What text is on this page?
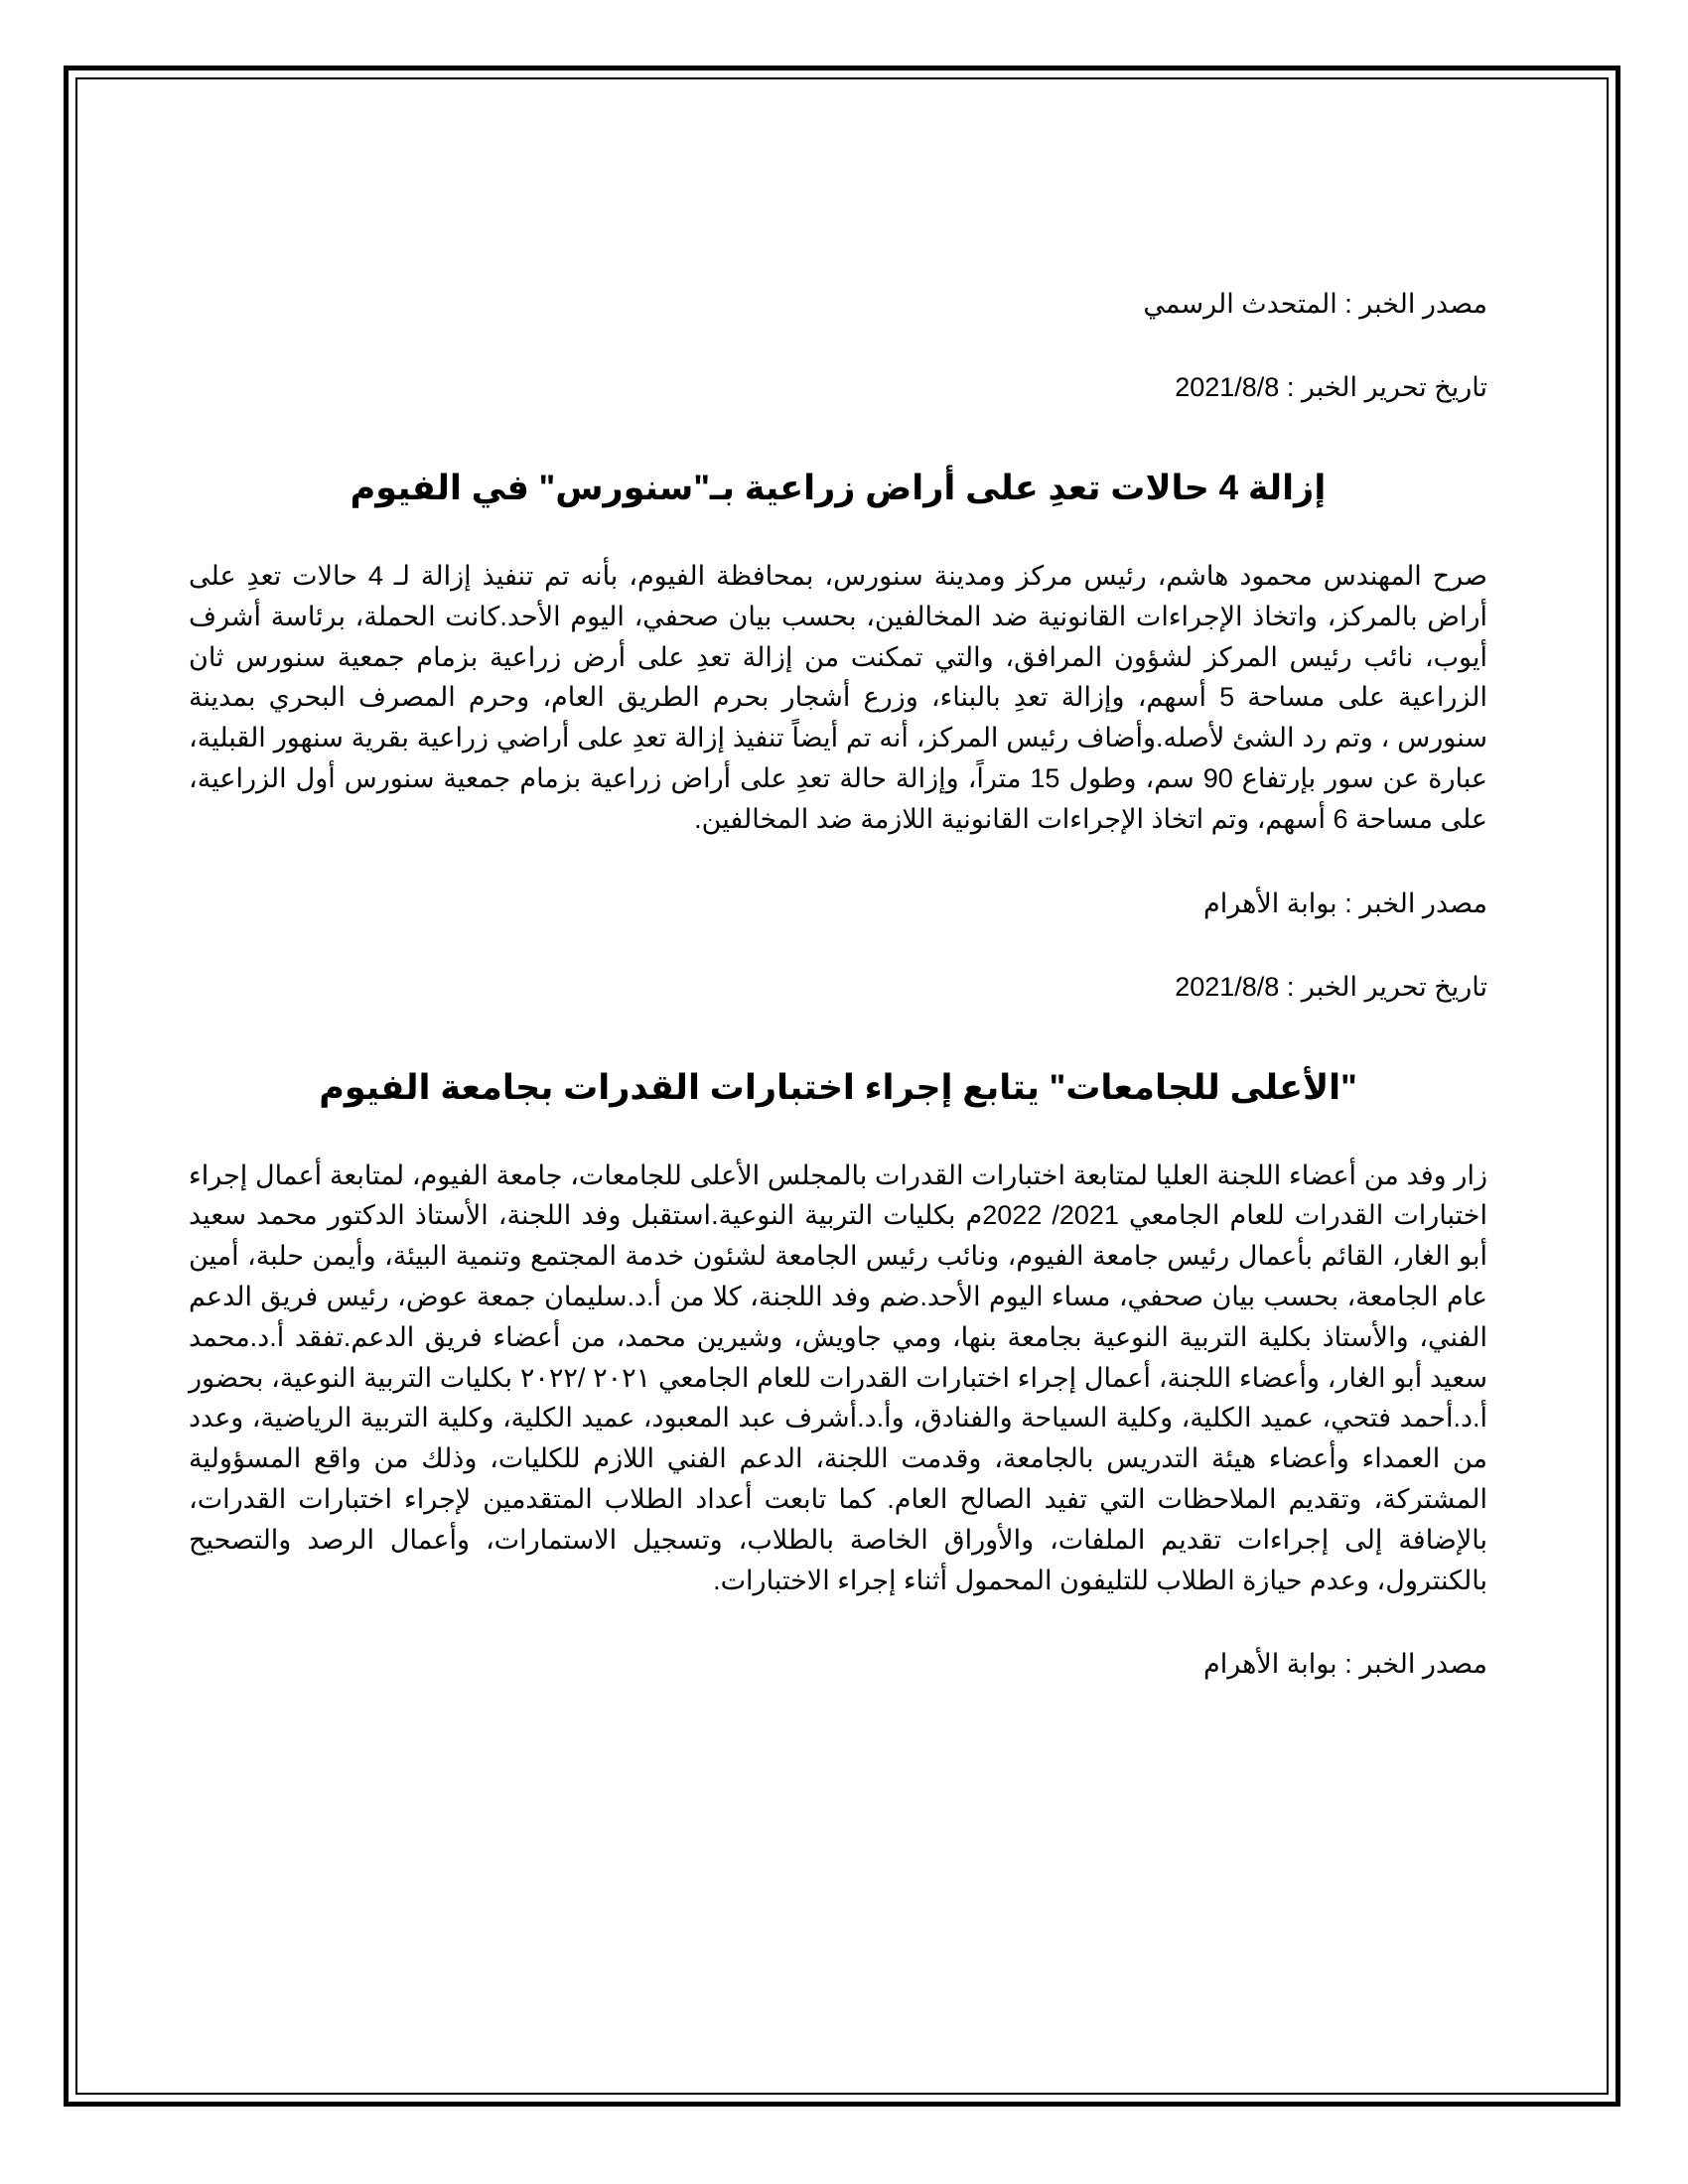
مصدر الخبر : المتحدث الرسمي

تاريخ تحرير الخبر : 2021/8/8

إزالة 4 حالات تعدِ على أراض زراعية بـ"سنورس" في الفيوم

صرح المهندس محمود هاشم، رئيس مركز ومدينة سنورس، بمحافظة الفيوم، بأنه تم تنفيذ إزالة لـ 4 حالات تعدِ على أراض بالمركز، واتخاذ الإجراءات القانونية ضد المخالفين، بحسب بيان صحفي، اليوم الأحد.كانت الحملة، برئاسة أشرف أيوب، نائب رئيس المركز لشؤون المرافق، والتي تمكنت من إزالة تعدِ على أرض زراعية بزمام جمعية سنورس ثان الزراعية على مساحة 5 أسهم، وإزالة تعدِ بالبناء، وزرع أشجار بحرم الطريق العام، وحرم المصرف البحري بمدينة سنورس ، وتم رد الشئ لأصله.وأضاف رئيس المركز، أنه تم أيضاً تنفيذ إزالة تعدِ على أراضي زراعية بقرية سنهور القبلية، عبارة عن سور بإرتفاع 90 سم، وطول 15 متراً، وإزالة حالة تعدِ على أراض زراعية بزمام جمعية سنورس أول الزراعية، على مساحة 6 أسهم، وتم اتخاذ الإجراءات القانونية اللازمة ضد المخالفين.

مصدر الخبر : بوابة الأهرام

تاريخ تحرير الخبر : 2021/8/8

"الأعلى للجامعات" يتابع إجراء اختبارات القدرات بجامعة الفيوم

زار وفد من أعضاء اللجنة العليا لمتابعة اختبارات القدرات بالمجلس الأعلى للجامعات، جامعة الفيوم، لمتابعة أعمال إجراء اختبارات القدرات للعام الجامعي 2021/ 2022م بكليات التربية النوعية.استقبل وفد اللجنة، الأستاذ الدكتور محمد سعيد أبو الغار، القائم بأعمال رئيس جامعة الفيوم، ونائب رئيس الجامعة لشئون خدمة المجتمع وتنمية البيئة، وأيمن حلبة، أمين عام الجامعة، بحسب بيان صحفي، مساء اليوم الأحد.ضم وفد اللجنة، كلا من أ.د.سليمان جمعة عوض، رئيس فريق الدعم الفني، والأستاذ بكلية التربية النوعية بجامعة بنها، ومي جاويش، وشيرين محمد، من أعضاء فريق الدعم.تفقد أ.د.محمد سعيد أبو الغار، وأعضاء اللجنة، أعمال إجراء اختبارات القدرات للعام الجامعي ٢٠٢١ /٢٠٢٢ بكليات التربية النوعية، بحضور أ.د.أحمد فتحي، عميد الكلية، وكلية السياحة والفنادق، وأ.د.أشرف عبد المعبود، عميد الكلية، وكلية التربية الرياضية، وعدد من العمداء وأعضاء هيئة التدريس بالجامعة، وقدمت اللجنة، الدعم الفني اللازم للكليات، وذلك من واقع المسؤولية المشتركة، وتقديم الملاحظات التي تفيد الصالح العام. كما تابعت أعداد الطلاب المتقدمين لإجراء اختبارات القدرات، بالإضافة إلى إجراءات تقديم الملفات، والأوراق الخاصة بالطلاب، وتسجيل الاستمارات، وأعمال الرصد والتصحيح بالكنترول، وعدم حيازة الطلاب للتليفون المحمول أثناء إجراء الاختبارات.

مصدر الخبر : بوابة الأهرام
